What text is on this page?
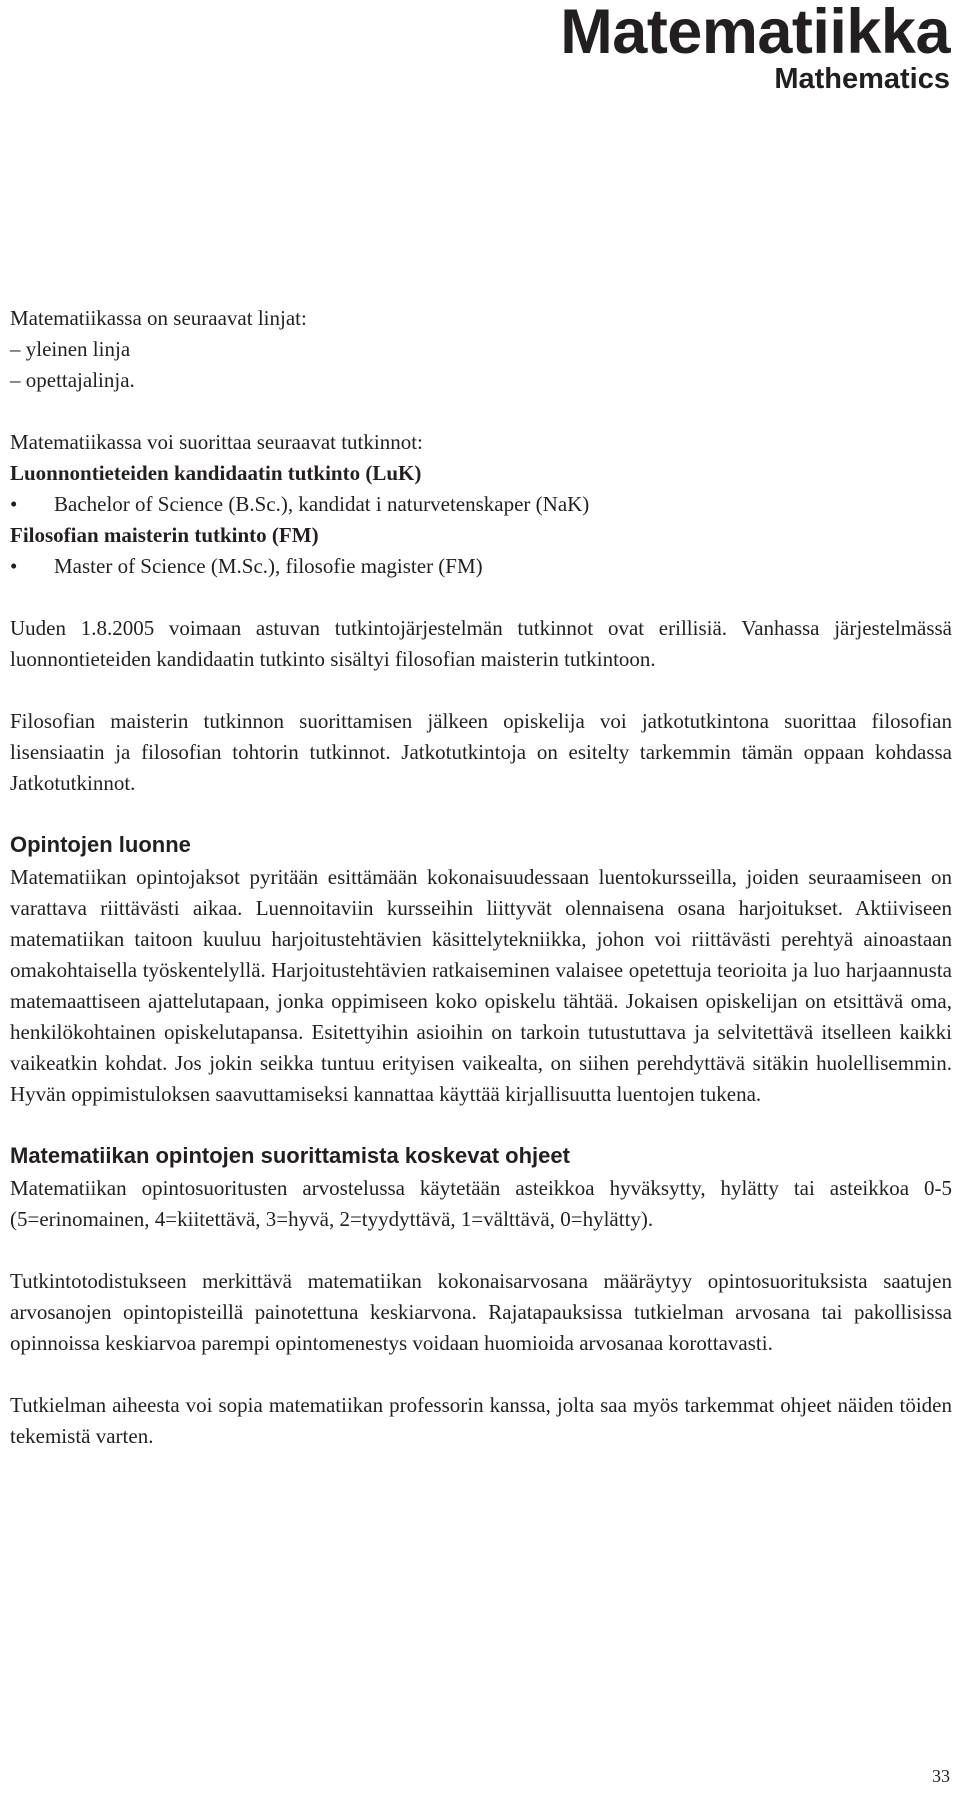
Matematiikka
Mathematics
Matematiikassa on seuraavat linjat:
– yleinen linja
– opettajalinja.
Matematiikassa voi suorittaa seuraavat tutkinnot:
Luonnontieteiden kandidaatin tutkinto (LuK)
•	Bachelor of Science (B.Sc.), kandidat i naturvetenskaper (NaK)
Filosofian maisterin tutkinto (FM)
•	Master of Science (M.Sc.), filosofie magister (FM)

Uuden 1.8.2005 voimaan astuvan tutkintojärjestelmän tutkinnot ovat erillisiä. Vanhassa järjestelmässä luonnontieteiden kandidaatin tutkinto sisältyi filosofian maisterin tutkintoon.

Filosofian maisterin tutkinnon suorittamisen jälkeen opiskelija voi jatkotutkintona suorittaa filosofian lisensiaatin ja filosofian tohtorin tutkinnot. Jatkotutkintoja on esitelty tarkemmin tämän oppaan kohdassa Jatkotutkinnot.

Opintojen luonne

Matematiikan opintojaksot pyritään esittämään kokonaisuudessaan luentokursseilla, joiden seuraamiseen on varattava riittävästi aikaa. Luennoitaviin kursseihin liittyvät olennaisena osana harjoitukset. Aktiiviseen matematiikan taitoon kuuluu harjoitustehtävien käsittelytekniikka, johon voi riittävästi perehtyä ainoastaan omakohtaisella työskentelyllä. Harjoitustehtävien ratkaiseminen valaisee opetettuja teorioita ja luo harjaannusta matemaattiseen ajattelutapaan, jonka oppimiseen koko opiskelu tähtää. Jokaisen opiskelijan on etsittävä oma, henkilökohtainen opiskelutapansa. Esitettyihin asioihin on tarkoin tutustuttava ja selvitettävä itselleen kaikki vaikeatkin kohdat. Jos jokin seikka tuntuu erityisen vaikealta, on siihen perehdyttävä sitäkin huolellisemmin. Hyvän oppimistuloksen saavuttamiseksi kannattaa käyttää kirjallisuutta luentojen tukena.

Matematiikan opintojen suorittamista koskevat ohjeet

Matematiikan opintosuoritusten arvostelussa käytetään asteikkoa hyväksytty, hylätty tai asteikkoa 0-5 (5=erinomainen, 4=kiitettävä, 3=hyvä, 2=tyydyttävä, 1=välttävä, 0=hylätty).

Tutkintotodistukseen merkittävä matematiikan kokonaisarvosana määräytyy opintosuorituksista saatujen arvosanojen opintopisteillä painotettuna keskiarvona. Rajatapauksissa tutkielman arvosana tai pakollisissa opinnoissa keskiarvoa parempi opintomenestys voidaan huomioida arvosanaa korottavasti.

Tutkielman aiheesta voi sopia matematiikan professorin kanssa, jolta saa myös tarkemmat ohjeet näiden töiden tekemistä varten.

33
